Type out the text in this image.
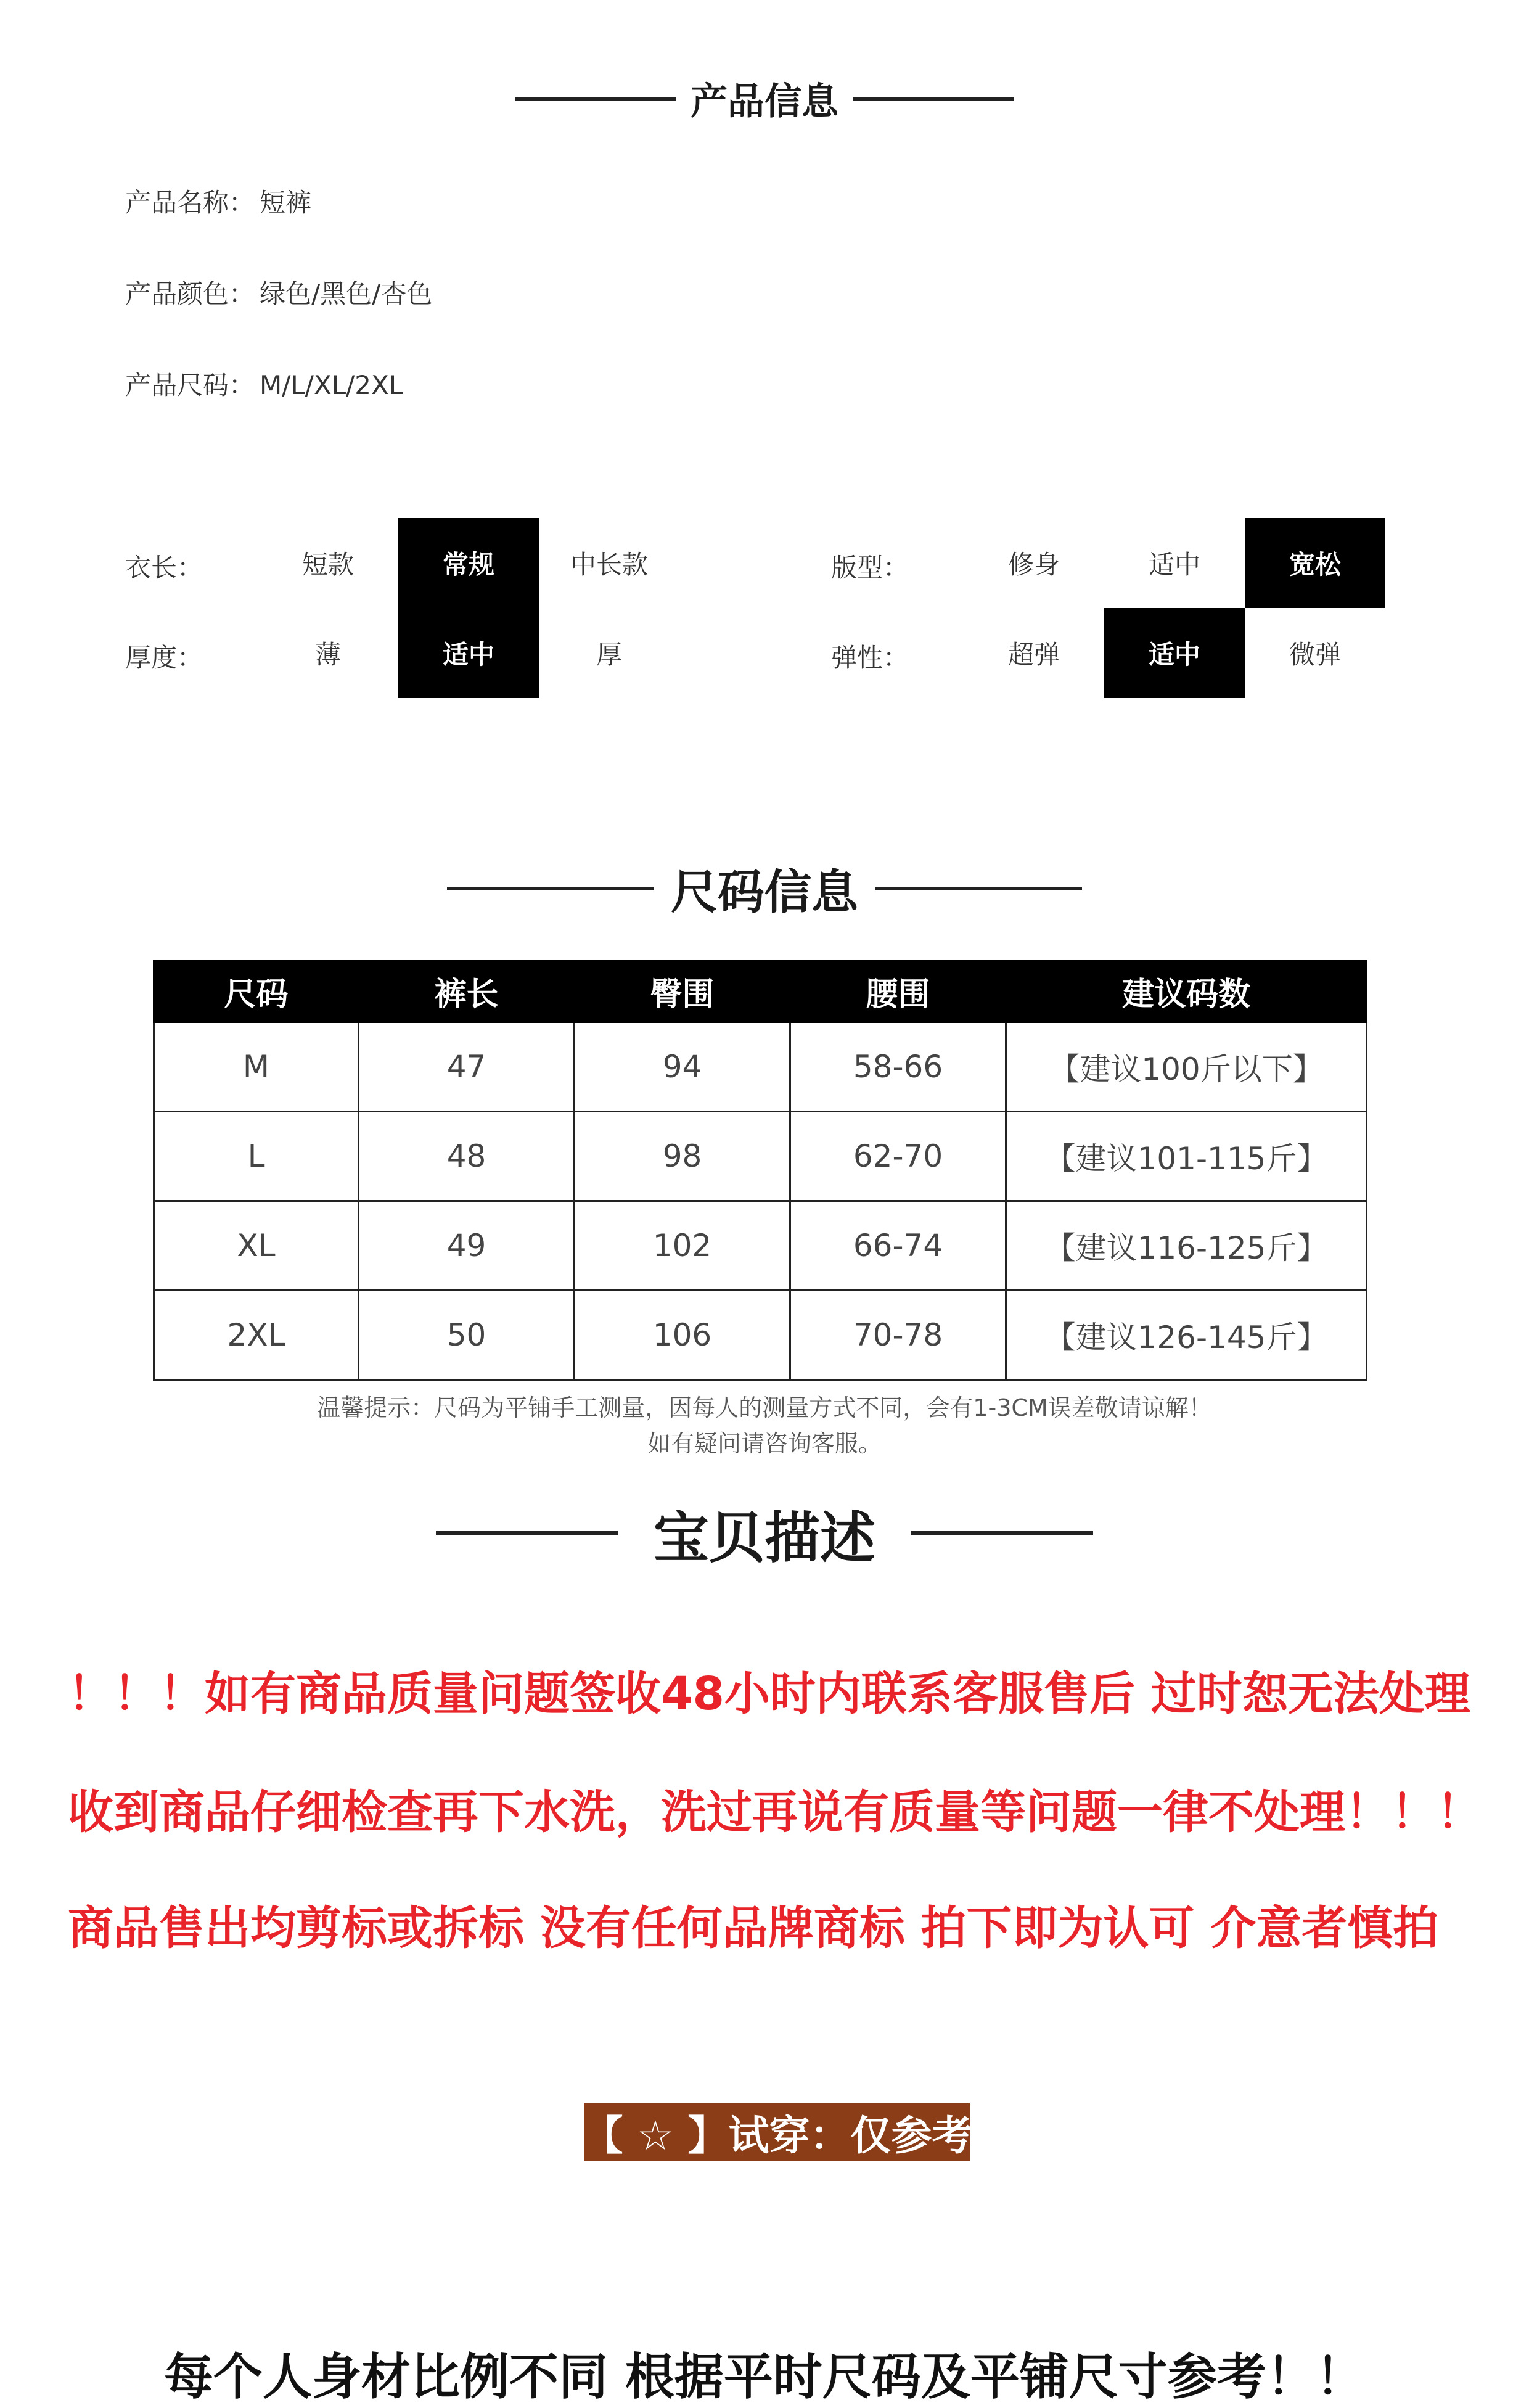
产品信息
产品名称： 短裤
产品颜色： 绿色/黑色/杏色
产品尺码： M/L/XL/2XL
衣长：	短款	常规	中长款	版型：	修身	适中	宽松
厚度：	薄	适中	厚	弹性：	超弹	适中	微弹
尺码信息
尺码	裤长	臀围	腰围	建议码数
M	47	94	58-66	【建议100斤以下】
L	48	98	62-70	【建议101-115斤】
XL	49	102	66-74	【建议116-125斤】
2XL	50	106	70-78	【建议126-145斤】
温馨提示：尺码为平铺手工测量，因每人的测量方式不同，会有1-3CM误差敬请谅解！
如有疑问请咨询客服。
宝贝描述
！！！如有商品质量问题签收48小时内联系客服售后 过时恕无法处理
收到商品仔细检查再下水洗，洗过再说有质量等问题一律不处理！！！
商品售出均剪标或拆标 没有任何品牌商标 拍下即为认可 介意者慎拍
【 ☆ 】试穿：仅参考
每个人身材比例不同 根据平时尺码及平铺尺寸参考！！
